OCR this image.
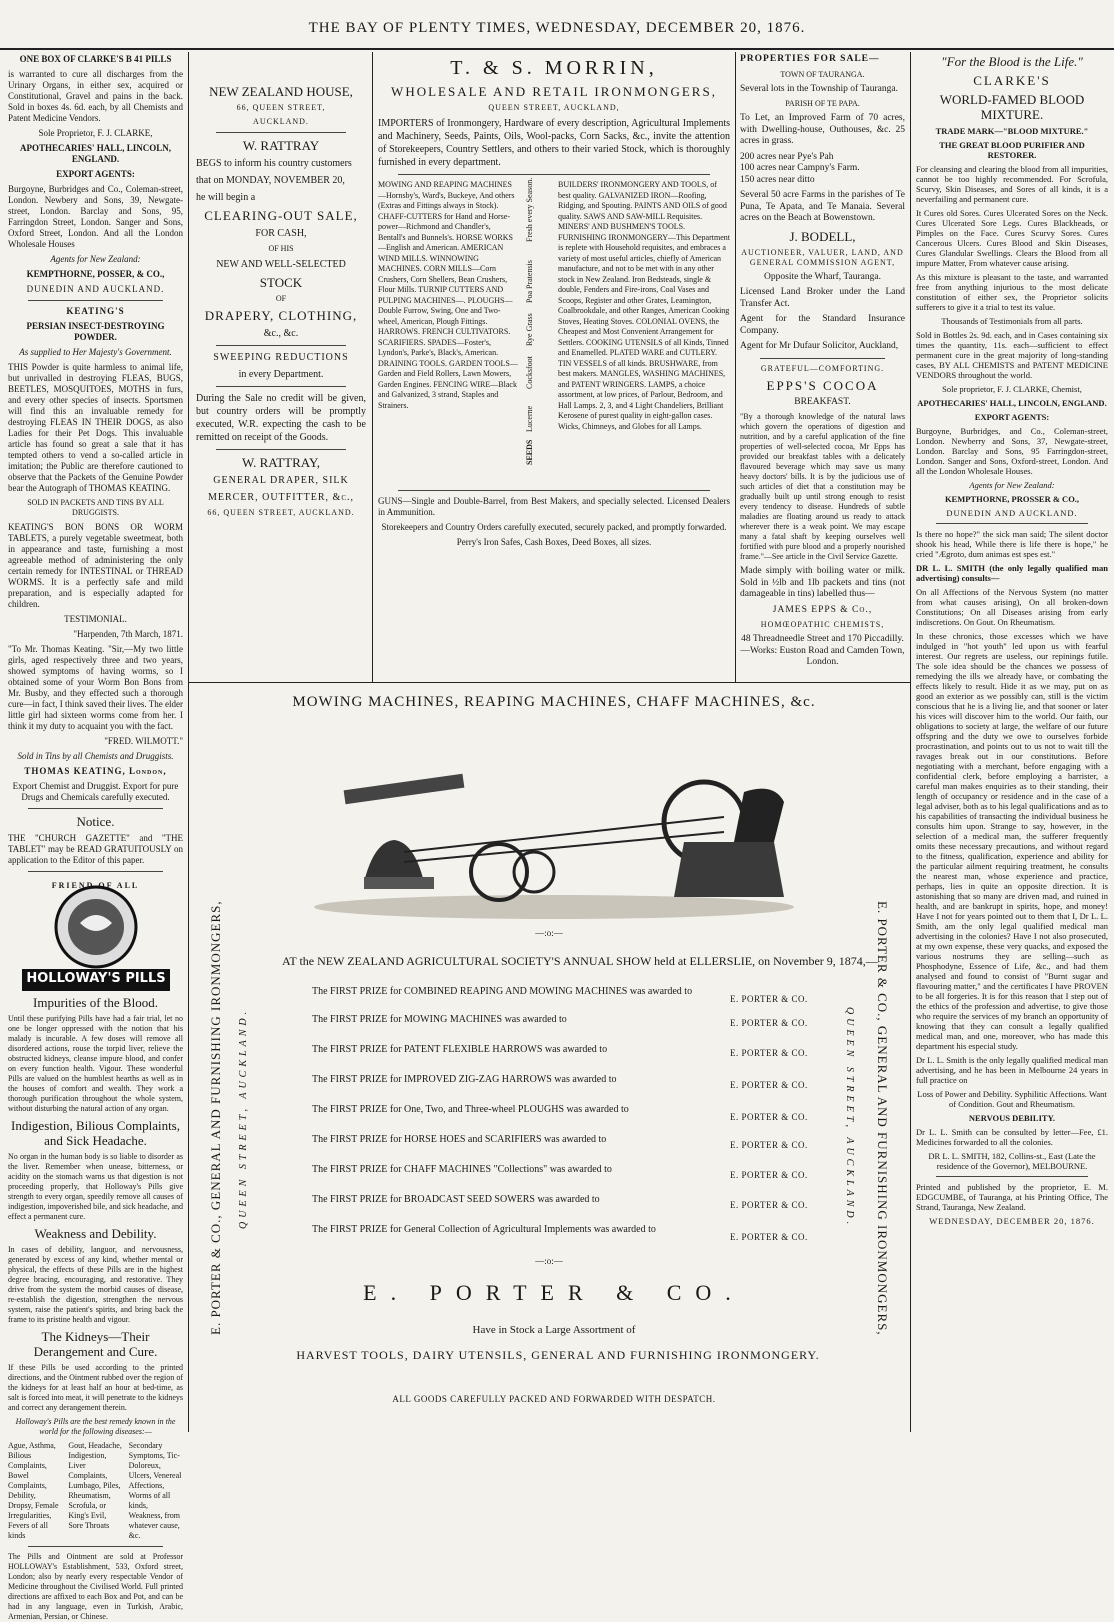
THE BAY OF PLENTY TIMES, WEDNESDAY, DECEMBER 20, 1876.

ONE BOX OF CLARKE'S B 41 PILLS

is warranted to cure all discharges from the Urinary Organs, in either sex, acquired or Constitutional, Gravel and pains in the back. Sold in boxes 4s. 6d. each, by all Chemists and Patent Medicine Vendors.

Sole Proprietor, F. J. CLARKE,

APOTHECARIES' HALL, LINCOLN, ENGLAND.

EXPORT AGENTS:

Burgoyne, Burbridges and Co., Coleman-street, London. Newbery and Sons, 39, Newgate-street, London. Barclay and Sons, 95, Farringdon Street, London. Sanger and Sons, Oxford Street, London. And all the London Wholesale Houses

Agents for New Zealand:

KEMPTHORNE, POSSER, & CO.,

DUNEDIN AND AUCKLAND.

KEATING'S

PERSIAN INSECT-DESTROYING POWDER.

As supplied to Her Majesty's Government.

THIS Powder is quite harmless to animal life, but unrivalled in destroying FLEAS, BUGS, BEETLES, MOSQUITOES, MOTHS in furs, and every other species of insects. Sportsmen will find this an invaluable remedy for destroying FLEAS IN THEIR DOGS, as also Ladies for their Pet Dogs. This invaluable article has found so great a sale that it has tempted others to vend a so-called article in imitation; the Public are therefore cautioned to observe that the Packets of the Genuine Powder bear the Autograph of THOMAS KEATING.

SOLD IN PACKETS AND TINS BY ALL DRUGGISTS.

KEATING'S BON BONS OR WORM TABLETS, a purely vegetable sweetmeat, both in appearance and taste, furnishing a most agreeable method of administering the only certain remedy for INTESTINAL or THREAD WORMS. It is a perfectly safe and mild preparation, and is especially adapted for children.

TESTIMONIAL.

"Harpenden, 7th March, 1871.

"To Mr. Thomas Keating. "Sir,—My two little girls, aged respectively three and two years, showed symptoms of having worms, so I obtained some of your Worm Bon Bons from Mr. Busby, and they effected such a thorough cure—in fact, I think saved their lives. The elder little girl had sixteen worms come from her. I think it my duty to acquaint you with the fact.

"FRED. WILMOTT."

Sold in Tins by all Chemists and Druggists.

THOMAS KEATING, London,

Export Chemist and Druggist. Export for pure Drugs and Chemicals carefully executed.

Notice.

THE "CHURCH GAZETTE" and "THE TABLET" may be READ GRATUITOUSLY on application to the Editor of this paper.

FRIEND OF ALL
HOLLOWAY'S PILLS

Impurities of the Blood.

Until these purifying Pills have had a fair trial, let no one be longer oppressed with the notion that his malady is incurable. A few doses will remove all disordered actions, rouse the torpid liver, relieve the obstructed kidneys, cleanse impure blood, and confer on every function health. Vigour. These wonderful Pills are valued on the humblest hearths as well as in the houses of comfort and wealth. They work a thorough purification throughout the whole system, without disturbing the natural action of any organ.

Indigestion, Bilious Complaints, and Sick Headache.

No organ in the human body is so liable to disorder as the liver. Remember when unease, bitterness, or acidity on the stomach warns us that digestion is not proceeding properly, that Holloway's Pills give strength to every organ, speedily remove all causes of indigestion, impoverished bile, and sick headache, and effect a permanent cure.

Weakness and Debility.

In cases of debility, languor, and nervousness, generated by excess of any kind, whether mental or physical, the effects of these Pills are in the highest degree bracing, encouraging, and restorative. They drive from the system the morbid causes of disease, re-establish the digestion, strengthen the nervous system, raise the patient's spirits, and bring back the frame to its pristine health and vigour.

The Kidneys—Their Derangement and Cure.

If these Pills be used according to the printed directions, and the Ointment rubbed over the region of the kidneys for at least half an hour at bed-time, as salt is forced into meat, it will penetrate to the kidneys and correct any derangement therein.

Holloway's Pills are the best remedy known in the world for the following diseases:—

Ague, Asthma, Bilious Complaints, Bowel Complaints, Debility, Dropsy, Female Irregularities, Fevers of all kinds
Gout, Headache, Indigestion, Liver Complaints, Lumbago, Piles, Rheumatism, Scrofula, or King's Evil, Sore Throats
Secondary Symptoms, Tic-Doloreux, Ulcers, Venereal Affections, Worms of all kinds, Weakness, from whatever cause, &c.

The Pills and Ointment are sold at Professor HOLLOWAY's Establishment, 533, Oxford street, London; also by nearly every respectable Vendor of Medicine throughout the Civilised World. Full printed directions are affixed to each Box and Pot, and can be had in any language, even in Turkish, Arabic, Armenian, Persian, or Chinese.

NEW ZEALAND HOUSE,

66, QUEEN STREET,

AUCKLAND.

W. RATTRAY

BEGS to inform his country customers

that on MONDAY, NOVEMBER 20,

he will begin a

CLEARING-OUT SALE,

FOR CASH,

OF HIS

NEW AND WELL-SELECTED

STOCK

OF

DRAPERY, CLOTHING,

&c., &c.

SWEEPING REDUCTIONS

in every Department.

During the Sale no credit will be given, but country orders will be promptly executed, W.R. expecting the cash to be remitted on receipt of the Goods.

W. RATTRAY,

GENERAL DRAPER, SILK

MERCER, OUTFITTER, &c.,

66, QUEEN STREET, AUCKLAND.

T. & S. MORRIN,

WHOLESALE AND RETAIL IRONMONGERS,

QUEEN STREET, AUCKLAND,

IMPORTERS of Ironmongery, Hardware of every description, Agricultural Implements and Machinery, Seeds, Paints, Oils, Wool-packs, Corn Sacks, &c., invite the attention of Storekeepers, Country Settlers, and others to their varied Stock, which is thoroughly furnished in every department.

MOWING AND REAPING MACHINES—Hornsby's, Ward's, Buckeye, And others (Extras and Fittings always in Stock). CHAFF-CUTTERS for Hand and Horse-power—Richmond and Chandler's, Bentall's and Bunnels's. HORSE WORKS—English and American. AMERICAN WIND MILLS. WINNOWING MACHINES. CORN MILLS—Corn Crushers, Corn Shellers, Bean Crushers, Flour Mills. TURNIP CUTTERS AND PULPING MACHINES—. PLOUGHS—Double Furrow, Swing, One and Two-wheel, American, Plough Fittings. HARROWS. FRENCH CULTIVATORS. SCARIFIERS. SPADES—Foster's, Lyndon's, Parke's, Black's, American. DRAINING TOOLS. GARDEN TOOLS—Garden and Field Rollers, Lawn Mowers, Garden Engines. FENCING WIRE—Black and Galvanized, 3 strand, Staples and Strainers.
Fresh every Season.
Poa Pratensis
Rye Grass
Cocksfoot
Lucerne
SEEDS
BUILDERS' IRONMONGERY AND TOOLS, of best quality. GALVANIZED IRON—Roofing, Ridging, and Spouting. PAINTS AND OILS of good quality. SAWS AND SAW-MILL Requisites. MINERS' AND BUSHMEN'S TOOLS. FURNISHING IRONMONGERY—This Department is replete with Household requisites, and embraces a variety of most useful articles, chiefly of American manufacture, and not to be met with in any other stock in New Zealand. Iron Bedsteads, single & double, Fenders and Fire-irons, Coal Vases and Scoops, Register and other Grates, Leamington, Coalbrookdale, and other Ranges, American Cooking Stoves, Heating Stoves. COLONIAL OVENS, the Cheapest and Most Convenient Arrangement for Settlers. COOKING UTENSILS of all Kinds, Tinned and Enamelled. PLATED WARE and CUTLERY. TIN VESSELS of all kinds. BRUSHWARE, from best makers. MANGLES, WASHING MACHINES, and PATENT WRINGERS. LAMPS, a choice assortment, at low prices, of Parlour, Bedroom, and Hall Lamps. 2, 3, and 4 Light Chandeliers, Brilliant Kerosene of purest quality in eight-gallon cases. Wicks, Chimneys, and Globes for all Lamps.

GUNS—Single and Double-Barrel, from Best Makers, and specially selected. Licensed Dealers in Ammunition.

Storekeepers and Country Orders carefully executed, securely packed, and promptly forwarded.

Perry's Iron Safes, Cash Boxes, Deed Boxes, all sizes.

PROPERTIES FOR SALE—

TOWN OF TAURANGA.

Several lots in the Township of Tauranga.

PARISH OF TE PAPA.

To Let, an Improved Farm of 70 acres, with Dwelling-house, Outhouses, &c. 25 acres in grass.

200 acres near Pye's Pah

100 acres near Campny's Farm.

150 acres near ditto

Several 50 acre Farms in the parishes of Te Puna, Te Apata, and Te Manaia. Several acres on the Beach at Bowenstown.

J. BODELL,

AUCTIONEER, VALUER, LAND, AND GENERAL COMMISSION AGENT,

Opposite the Wharf, Tauranga.

Licensed Land Broker under the Land Transfer Act.

Agent for the Standard Insurance Company.

Agent for Mr Dufaur Solicitor, Auckland,

GRATEFUL—COMFORTING.

EPPS'S COCOA

BREAKFAST.

"By a thorough knowledge of the natural laws which govern the operations of digestion and nutrition, and by a careful application of the fine properties of well-selected cocoa, Mr Epps has provided our breakfast tables with a delicately flavoured beverage which may save us many heavy doctors' bills. It is by the judicious use of such articles of diet that a constitution may be gradually built up until strong enough to resist every tendency to disease. Hundreds of subtle maladies are floating around us ready to attack wherever there is a weak point. We may escape many a fatal shaft by keeping ourselves well fortified with pure blood and a properly nourished frame."—See article in the Civil Service Gazette.

Made simply with boiling water or milk. Sold in ½lb and 1lb packets and tins (not damageable in tins) labelled thus—

JAMES EPPS & Co.,

HOMŒOPATHIC CHEMISTS,

48 Threadneedle Street and 170 Piccadilly.—Works: Euston Road and Camden Town, London.

"For the Blood is the Life."

CLARKE'S

WORLD-FAMED BLOOD MIXTURE.

TRADE MARK—"BLOOD MIXTURE."

THE GREAT BLOOD PURIFIER AND RESTORER.

For cleansing and clearing the blood from all impurities, cannot be too highly recommended. For Scrofula, Scurvy, Skin Diseases, and Sores of all kinds, it is a neverfailing and permanent cure.

It Cures old Sores. Cures Ulcerated Sores on the Neck. Cures Ulcerated Sore Legs. Cures Blackheads, or Pimples on the Face. Cures Scurvy Sores. Cures Cancerous Ulcers. Cures Blood and Skin Diseases, Cures Glandular Swellings. Clears the Blood from all impure Matter, From whatever cause arising.

As this mixture is pleasant to the taste, and warranted free from anything injurious to the most delicate constitution of either sex, the Proprietor solicits sufferers to give it a trial to test its value.

Thousands of Testimonials from all parts.

Sold in Bottles 2s. 9d. each, and in Cases containing six times the quantity, 11s. each—sufficient to effect permanent cure in the great majority of long-standing cases, BY ALL CHEMISTS and PATENT MEDICINE VENDORS throughout the world.

Sole proprietor, F. J. CLARKE, Chemist,

APOTHECARIES' HALL, LINCOLN, ENGLAND.

EXPORT AGENTS:

Burgoyne, Burbridges, and Co., Coleman-street, London. Newberry and Sons, 37, Newgate-street, London. Barclay and Sons, 95 Farringdon-street, London. Sanger and Sons, Oxford-street, London. And all the London Wholesale Houses.

Agents for New Zealand:

KEMPTHORNE, PROSSER & CO.,

DUNEDIN AND AUCKLAND.

Is there no hope?" the sick man said; The silent doctor shook his head, While there is life there is hope," he cried "Ægroto, dum animas est spes est."

DR L. L. SMITH (the only legally qualified man advertising) consults—

On all Affections of the Nervous System (no matter from what causes arising), On all broken-down Constitutions; On all Diseases arising from early indiscretions. On Gout. On Rheumatism.

In these chronics, those excesses which we have indulged in "hot youth" led upon us with fearful interest. Our regrets are useless, our repinings futile. The sole idea should be the chances we possess of remedying the ills we already have, or combating the effects likely to result. Hide it as we may, put on as good an exterior as we possibly can, still is the victim conscious that he is a living lie, and that sooner or later his vices will discover him to the world. Our faith, our obligations to society at large, the welfare of our future offspring and the duty we owe to ourselves forbide procrastination, and points out to us not to wait till the ravages break out in our constitutions. Before negotiating with a merchant, before engaging with a confidential clerk, before employing a barrister, a careful man makes enquiries as to their standing, their length of occupancy or residence and in the case of a legal adviser, both as to his legal qualifications and as to his capabilities of transacting the individual business he consults him upon. Strange to say, however, in the selection of a medical man, the sufferer frequently omits these necessary precautions, and without regard to the fitness, qualification, experience and ability for the particular ailment requiring treatment, he consults the nearest man, whose experience and practice, perhaps, lies in quite an opposite direction. It is astonishing that so many are driven mad, and ruined in health, and are bankrupt in spirits, hope, and money! Have I not for years pointed out to them that I, Dr L. L. Smith, am the only legal qualified medical man advertising in the colonies? Have I not also prosecuted, at my own expense, these very quacks, and exposed the various nostrums they are selling—such as Phosphodyne, Essence of Life, &c., and had them analysed and found to consist of "Burnt sugar and flavouring matter," and the certificates I have PROVEN to be all forgeries. It is for this reason that I step out of the ethics of the profession and advertise, to give those who require the services of my branch an opportunity of knowing that they can consult a legally qualified medical man, and one, moreover, who has made this department his especial study.

Dr L. L. Smith is the only legally qualified medical man advertising, and he has been in Melbourne 24 years in full practice on

Loss of Power and Debility. Syphilitic Affections. Want of Condition. Gout and Rheumatism.

NERVOUS DEBILITY.

Dr L. L. Smith can be consulted by letter—Fee, £1. Medicines forwarded to all the colonies.

DR L. L. SMITH, 182, Collins-st., East (Late the residence of the Governor), MELBOURNE.

Printed and published by the proprietor, E. M. EDGCUMBE, of Tauranga, at his Printing Office, The Strand, Tauranga, New Zealand.

WEDNESDAY, DECEMBER 20, 1876.

MOWING MACHINES, REAPING MACHINES, CHAFF MACHINES, &c.
—:o:—
AT the NEW ZEALAND AGRICULTURAL SOCIETY'S ANNUAL SHOW held at ELLERSLIE, on November 9, 1874,—
The FIRST PRIZE for COMBINED REAPING AND MOWING MACHINES was awarded to
E. PORTER & CO.
The FIRST PRIZE for MOWING MACHINES was awarded to	E. PORTER & CO.
The FIRST PRIZE for PATENT FLEXIBLE HARROWS was awarded to	E. PORTER & CO.
The FIRST PRIZE for IMPROVED ZIG-ZAG HARROWS was awarded to	E. PORTER & CO.
The FIRST PRIZE for One, Two, and Three-wheel PLOUGHS was awarded to
E. PORTER & CO.
The FIRST PRIZE for HORSE HOES and SCARIFIERS was awarded to	E. PORTER & CO.
The FIRST PRIZE for CHAFF MACHINES "Collections" was awarded to	E. PORTER & CO.
The FIRST PRIZE for BROADCAST SEED SOWERS was awarded to	E. PORTER & CO.
The FIRST PRIZE for General Collection of Agricultural Implements was awarded to
E. PORTER & CO.
—:o:—
E. PORTER & CO.
Have in Stock a Large Assortment of
HARVEST TOOLS, DAIRY UTENSILS, GENERAL AND FURNISHING IRONMONGERY.
ALL GOODS CAREFULLY PACKED AND FORWARDED WITH DESPATCH.
E. PORTER & CO., GENERAL AND FURNISHING IRONMONGERS, QUEEN STREET, AUCKLAND.	QUEEN STREET, AUCKLAND. E. PORTER & CO., GENERAL AND FURNISHING IRONMONGERS,
